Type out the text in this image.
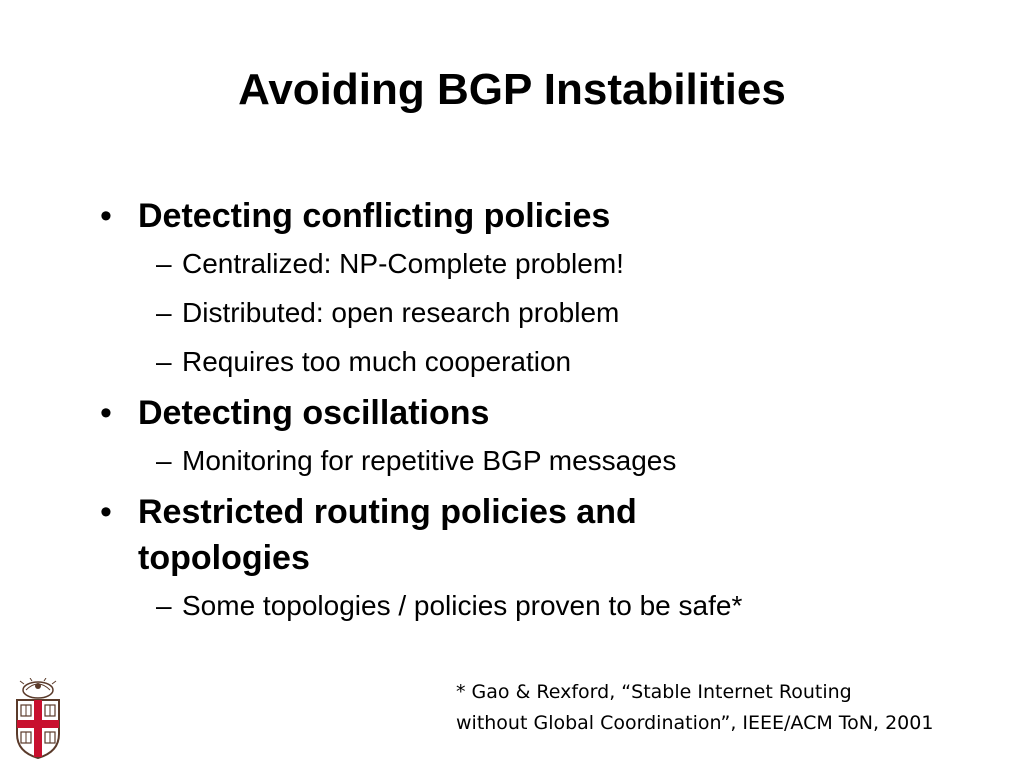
Avoiding BGP Instabilities
• Detecting conflicting policies
– Centralized: NP-Complete problem!
– Distributed: open research problem
– Requires too much cooperation
• Detecting oscillations
– Monitoring for repetitive BGP messages
• Restricted routing policies and
topologies
– Some topologies / policies proven to be safe*
* Gao & Rexford, “Stable Internet Routing
without Global Coordination”, IEEE/ACM ToN, 2001
